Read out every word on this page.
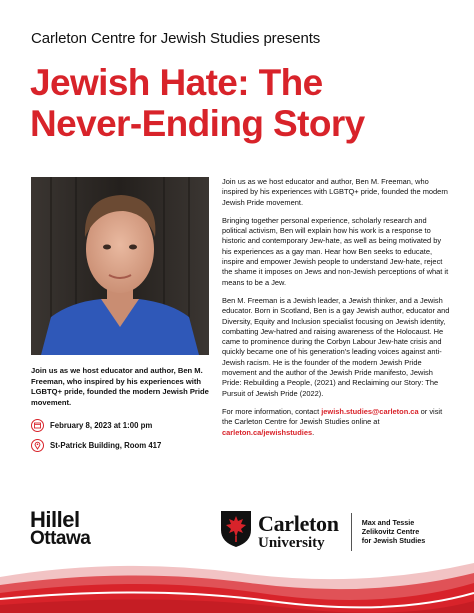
Carleton Centre for Jewish Studies presents
Jewish Hate: The
Never-Ending Story
Join us as we host educator and author, Ben M. Freeman, who inspired by his experiences with LGBTQ+ pride, founded the modern Jewish Pride movement.
February 8, 2023 at 1:00 pm
St-Patrick Building, Room 417

Join us as we host educator and author, Ben M. Freeman, who inspired by his experiences with LGBTQ+ pride, founded the modern Jewish Pride movement.

Bringing together personal experience, scholarly research and political activism, Ben will explain how his work is a response to historic and contemporary Jew-hate, as well as being motivated by his experiences as a gay man. Hear how Ben seeks to educate, inspire and empower Jewish people to understand Jew-hate, reject the shame it imposes on Jews and non-Jewish perceptions of what it means to be a Jew.

Ben M. Freeman is a Jewish leader, a Jewish thinker, and a Jewish educator. Born in Scotland, Ben is a gay Jewish author, educator and Diversity, Equity and Inclusion specialist focusing on Jewish identity, combatting Jew-hatred and raising awareness of the Holocaust. He came to prominence during the Corbyn Labour Jew-hate crisis and quickly became one of his generation's leading voices against anti-Jewish racism. He is the founder of the modern Jewish Pride movement and the author of the Jewish Pride manifesto, Jewish Pride: Rebuilding a People, (2021) and Reclaiming our Story: The Pursuit of Jewish Pride (2022).

For more information, contact jewish.studies@carleton.ca or visit the Carleton Centre for Jewish Studies online at carleton.ca/jewishstudies.

Hillel
Ottawa
Carleton
University
Max and Tessie
Zelikovitz Centre
for Jewish Studies
